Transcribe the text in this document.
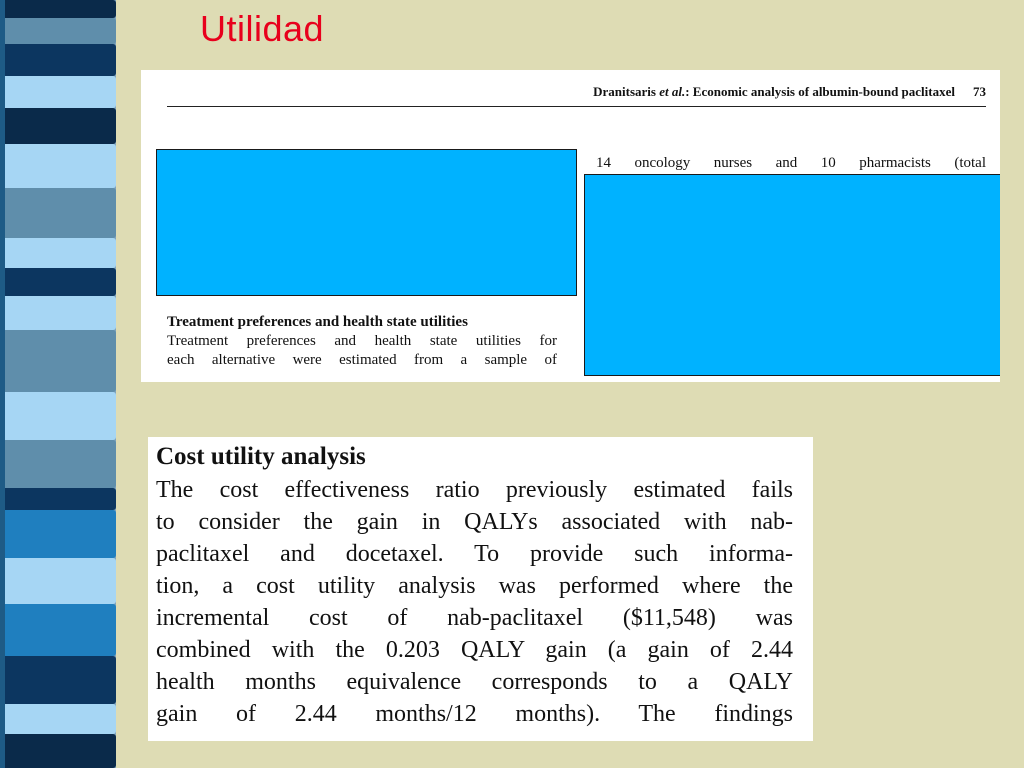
Utilidad
Dranitsaris et al.: Economic analysis of albumin-bound paclitaxel 73
14 oncology nurses and 10 pharmacists (total
Treatment preferences and health state utilities
Treatment preferences and health state utilities for
each alternative were estimated from a sample of
Cost utility analysis
The cost effectiveness ratio previously estimated fails
to consider the gain in QALYs associated with nab-
paclitaxel and docetaxel. To provide such informa-
tion, a cost utility analysis was performed where the
incremental cost of nab-paclitaxel ($11,548) was
combined with the 0.203 QALY gain (a gain of 2.44
health months equivalence corresponds to a QALY
gain of 2.44 months/12 months). The findings
